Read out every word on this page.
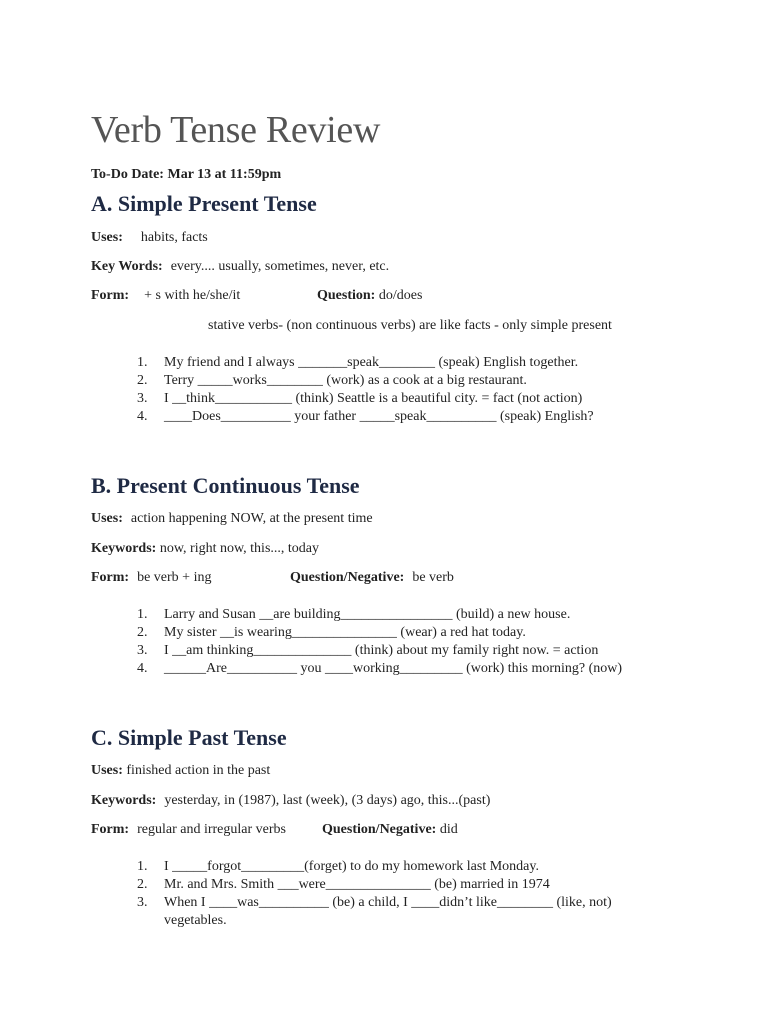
Verb Tense Review
To-Do Date: Mar 13 at 11:59pm
A. Simple Present Tense
Uses: habits, facts
Key Words: every.... usually, sometimes, never, etc.
Form: + s with he/she/it	Question: do/does
stative verbs- (non continuous verbs) are like facts - only simple present
1. My friend and I always _______speak________ (speak) English together.
2. Terry _____works________ (work) as a cook at a big restaurant.
3. I __think___________ (think) Seattle is a beautiful city. = fact (not action)
4. ____Does__________ your father _____speak__________ (speak) English?
B. Present Continuous Tense
Uses: action happening NOW, at the present time
Keywords: now, right now, this..., today
Form: be verb + ing	Question/Negative: be verb
1. Larry and Susan __are building________________ (build) a new house.
2. My sister __is wearing_______________ (wear) a red hat today.
3. I __am thinking______________ (think) about my family right now. = action
4. ______Are__________ you ____working_________ (work) this morning? (now)
C. Simple Past Tense
Uses: finished action in the past
Keywords: yesterday, in (1987), last (week), (3 days) ago, this...(past)
Form: regular and irregular verbs	Question/Negative: did
1. I _____forgot_________(forget) to do my homework last Monday.
2. Mr. and Mrs. Smith ___were_______________ (be) married in 1974
3. When I ____was__________ (be) a child, I ____didn’t like________ (like, not) vegetables.
